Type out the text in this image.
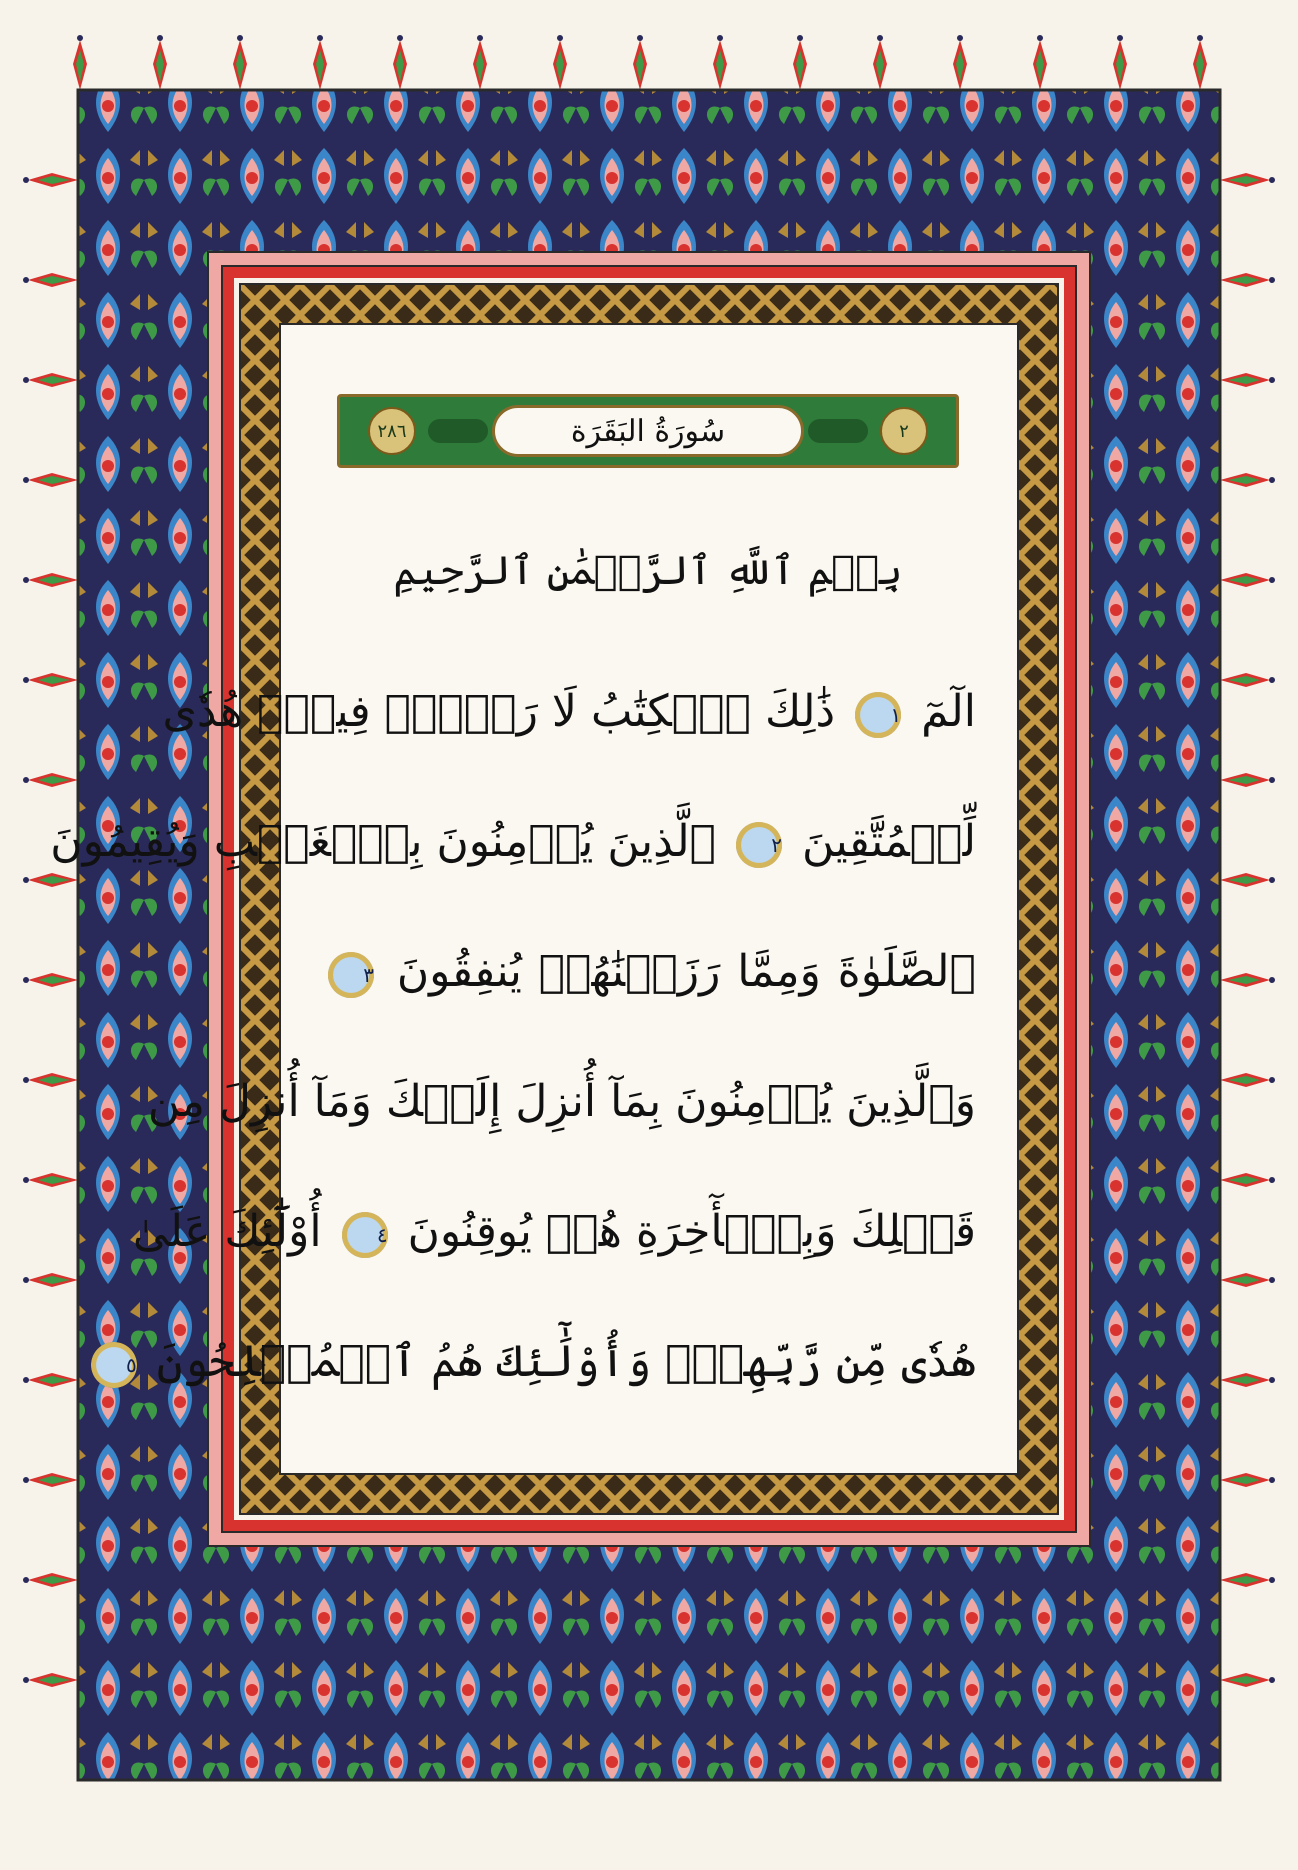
٢
سُورَةُ البَقَرَة
٢٨٦
بِسۡمِ ٱللَّهِ ٱلرَّحۡمَٰنِ ٱلرَّحِيمِ
الٓمٓ ١ ذَٰلِكَ ٱلۡكِتَٰبُ لَا رَيۡبَۛ فِيهِۛ هُدٗى
لِّلۡمُتَّقِينَ ٢ ٱلَّذِينَ يُؤۡمِنُونَ بِٱلۡغَيۡبِ وَيُقِيمُونَ
ٱلصَّلَوٰةَ وَمِمَّا رَزَقۡنَٰهُمۡ يُنفِقُونَ ٣
وَٱلَّذِينَ يُؤۡمِنُونَ بِمَآ أُنزِلَ إِلَيۡكَ وَمَآ أُنزِلَ مِن
قَبۡلِكَ وَبِٱلۡأٓخِرَةِ هُمۡ يُوقِنُونَ ٤ أُوْلَٰٓئِكَ عَلَىٰ
هُدٗى مِّن رَّبِّهِمۡۖ وَأُوْلَٰٓئِكَ هُمُ ٱلۡمُفۡلِحُونَ ٥
